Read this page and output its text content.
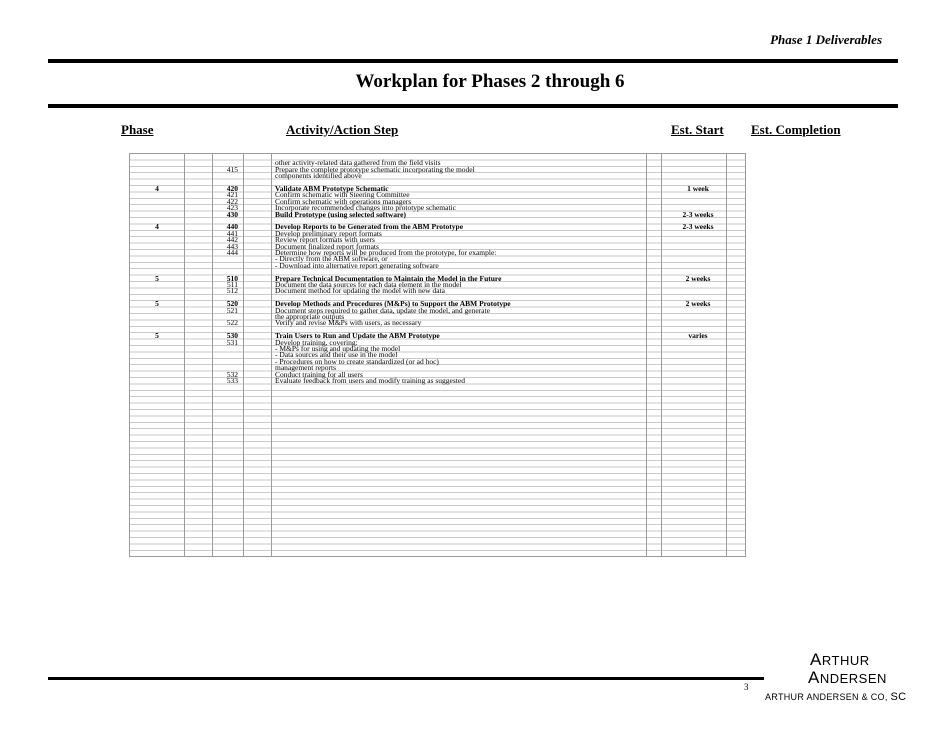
Phase 1 Deliverables
Workplan for Phases 2 through 6
Phase	Activity/Action Step	Est. Start Est. Completion
other activity-related data gathered from the field visits
415	Prepare the complete prototype schematic incorporating the model
components identified above
4	420	Validate ABM Prototype Schematic	1 week
421	Confirm schematic with Steering Committee
422	Confirm schematic with operations managers
423	Incorporate recommended changes into prototype schematic
430	Build Prototype (using selected software)	2-3 weeks
4	440	Develop Reports to be Generated from the ABM Prototype	2-3 weeks
441	Develop preliminary report formats
442	Review report formats with users
443	Document finalized report formats
444	Determine how reports will be produced from the prototype, for example:
- Directly from the ABM software, or
- Download into alternative report generating software
5	510	Prepare Technical Documentation to Maintain the Model in the Future	2 weeks
511	Document the data sources for each data element in the model
512	Document method for updating the model with new data
5	520	Develop Methods and Procedures (M&Ps) to Support the ABM Prototype	2 weeks
521	Document steps required to gather data, update the model, and generate
the appropriate outputs
522	Verify and revise M&Ps with users, as necessary
5	530	Train Users to Run and Update the ABM Prototype	varies
531	Develop training, covering:
- M&Ps for using and updating the model
- Data sources and their use in the model
- Procedures on how to create standardized (or ad hoc)
management reports
532	Conduct training for all users
533	Evaluate feedback from users and modify training as suggested
3
ARTHUR
ANDERSEN
ARTHUR ANDERSEN & CO, SC
